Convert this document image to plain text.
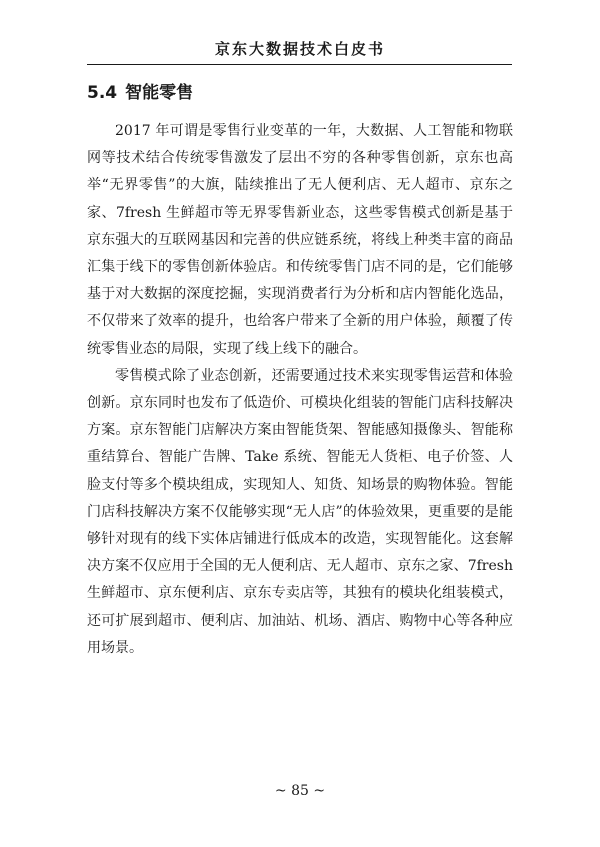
京东大数据技术白皮书
5.4 智能零售

2017 年可谓是零售行业变革的一年，大数据、人工智能和物联网等技术结合传统零售激发了层出不穷的各种零售创新，京东也高举“无界零售”的大旗，陆续推出了无人便利店、无人超市、京东之家、7fresh 生鲜超市等无界零售新业态，这些零售模式创新是基于京东强大的互联网基因和完善的供应链系统，将线上种类丰富的商品汇集于线下的零售创新体验店。和传统零售门店不同的是，它们能够基于对大数据的深度挖掘，实现消费者行为分析和店内智能化选品，不仅带来了效率的提升，也给客户带来了全新的用户体验，颠覆了传统零售业态的局限，实现了线上线下的融合。

零售模式除了业态创新，还需要通过技术来实现零售运营和体验创新。京东同时也发布了低造价、可模块化组装的智能门店科技解决方案。京东智能门店解决方案由智能货架、智能感知摄像头、智能称重结算台、智能广告牌、Take 系统、智能无人货柜、电子价签、人脸支付等多个模块组成，实现知人、知货、知场景的购物体验。智能门店科技解决方案不仅能够实现“无人店”的体验效果，更重要的是能够针对现有的线下实体店铺进行低成本的改造，实现智能化。这套解决方案不仅应用于全国的无人便利店、无人超市、京东之家、7fresh 生鲜超市、京东便利店、京东专卖店等，其独有的模块化组装模式，还可扩展到超市、便利店、加油站、机场、酒店、购物中心等各种应用场景。

~ 85 ~
